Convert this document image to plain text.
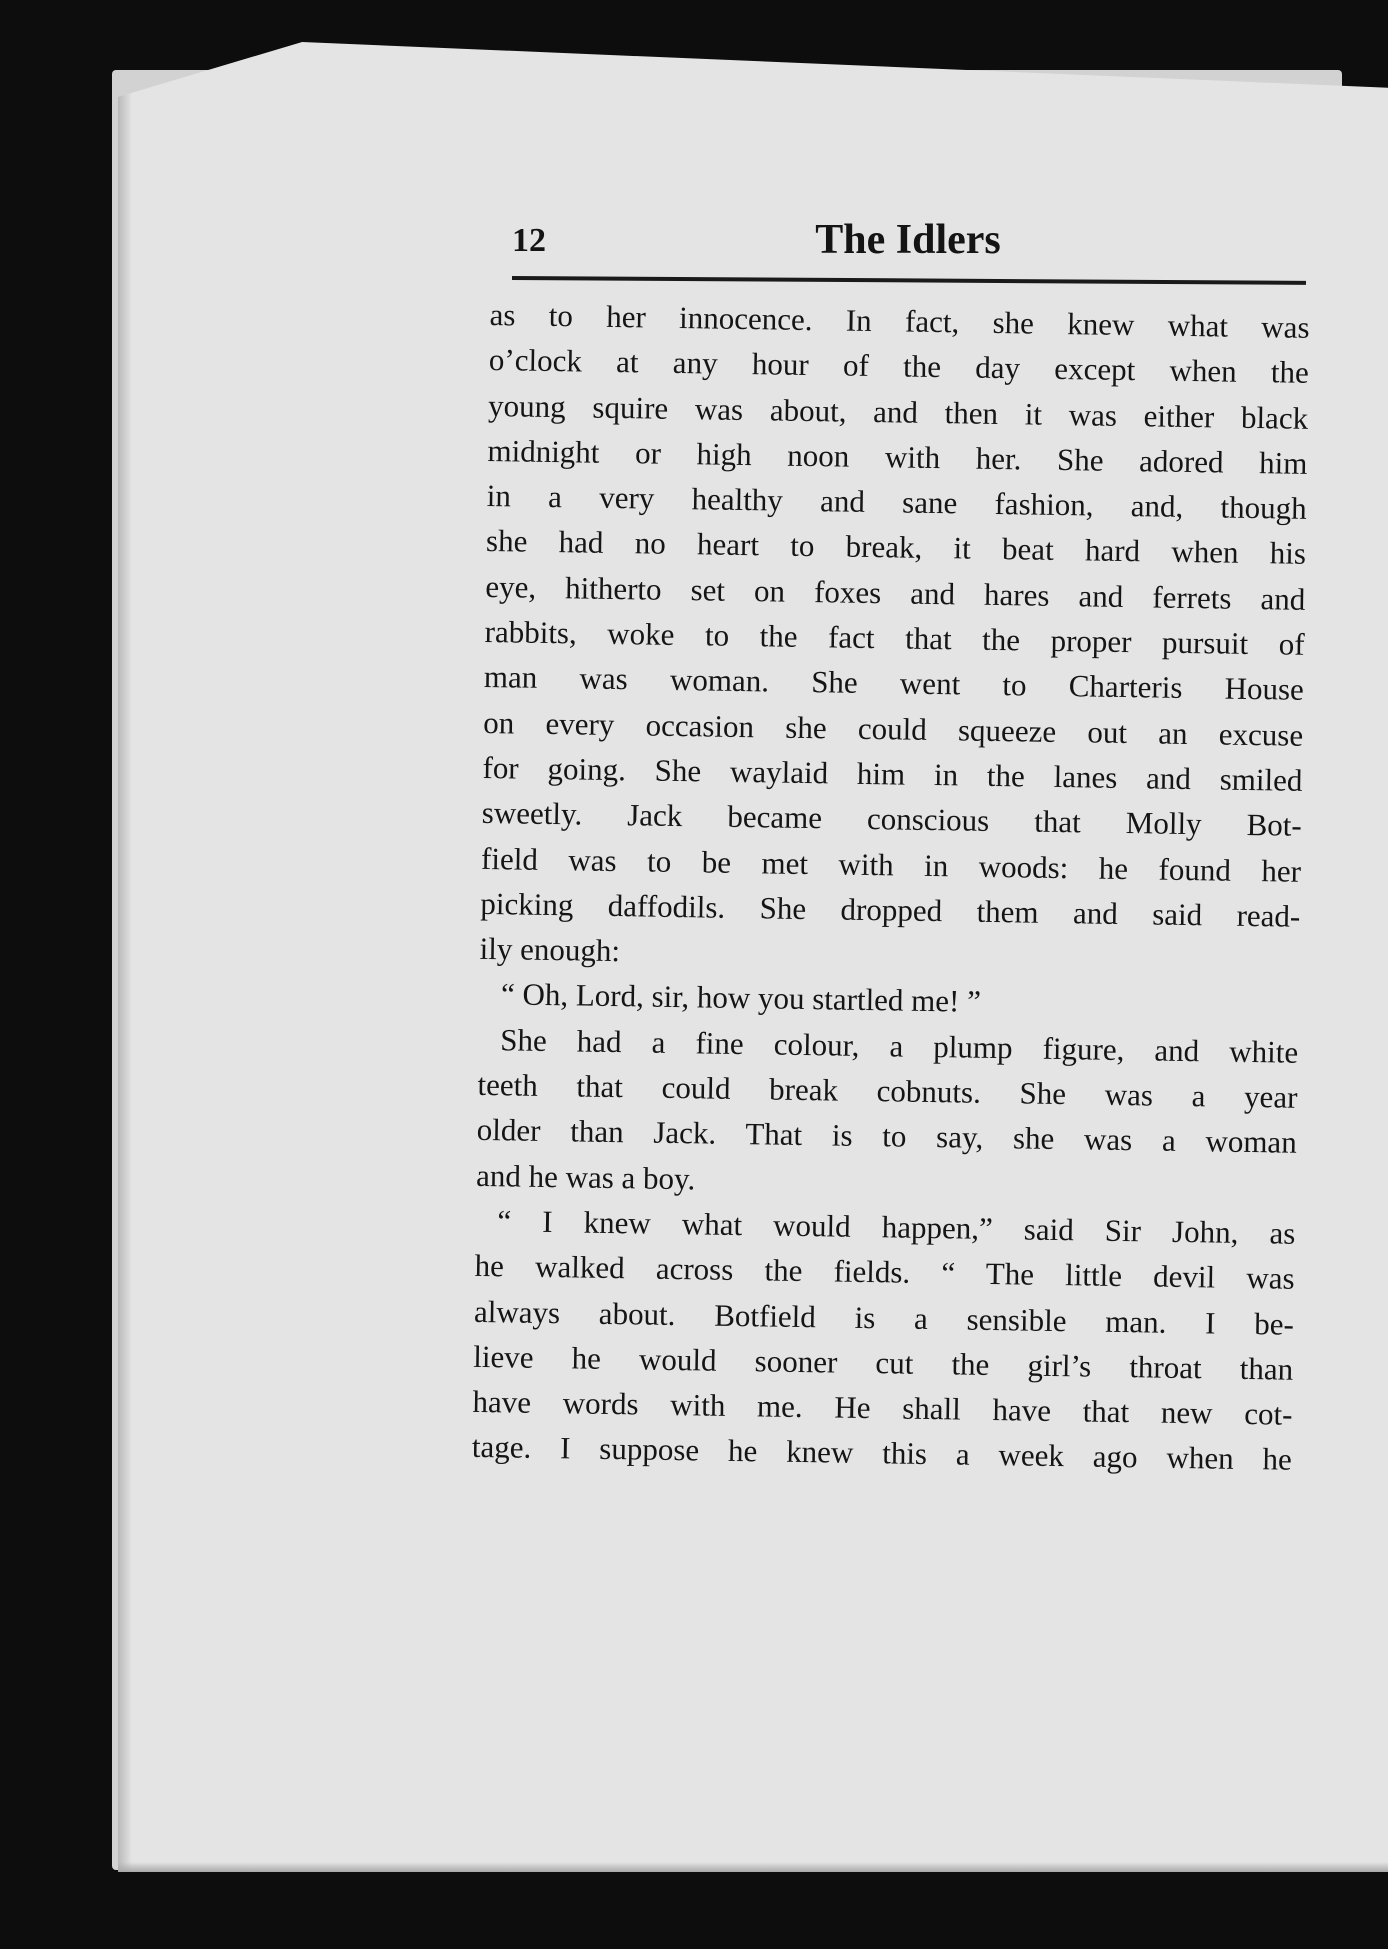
12	The Idlers
as to her innocence. In fact, she knew what was
o’clock at any hour of the day except when the
young squire was about, and then it was either black
midnight or high noon with her. She adored him
in a very healthy and sane fashion, and, though
she had no heart to break, it beat hard when his
eye, hitherto set on foxes and hares and ferrets and
rabbits, woke to the fact that the proper pursuit of
man was woman. She went to Charteris House
on every occasion she could squeeze out an excuse
for going. She waylaid him in the lanes and smiled
sweetly. Jack became conscious that Molly Bot-
field was to be met with in woods: he found her
picking daffodils. She dropped them and said read-
ily enough:
“ Oh, Lord, sir, how you startled me! ”
She had a fine colour, a plump figure, and white
teeth that could break cobnuts. She was a year
older than Jack. That is to say, she was a woman
and he was a boy.
“ I knew what would happen,” said Sir John, as
he walked across the fields. “ The little devil was
always about. Botfield is a sensible man. I be-
lieve he would sooner cut the girl’s throat than
have words with me. He shall have that new cot-
tage. I suppose he knew this a week ago when he
